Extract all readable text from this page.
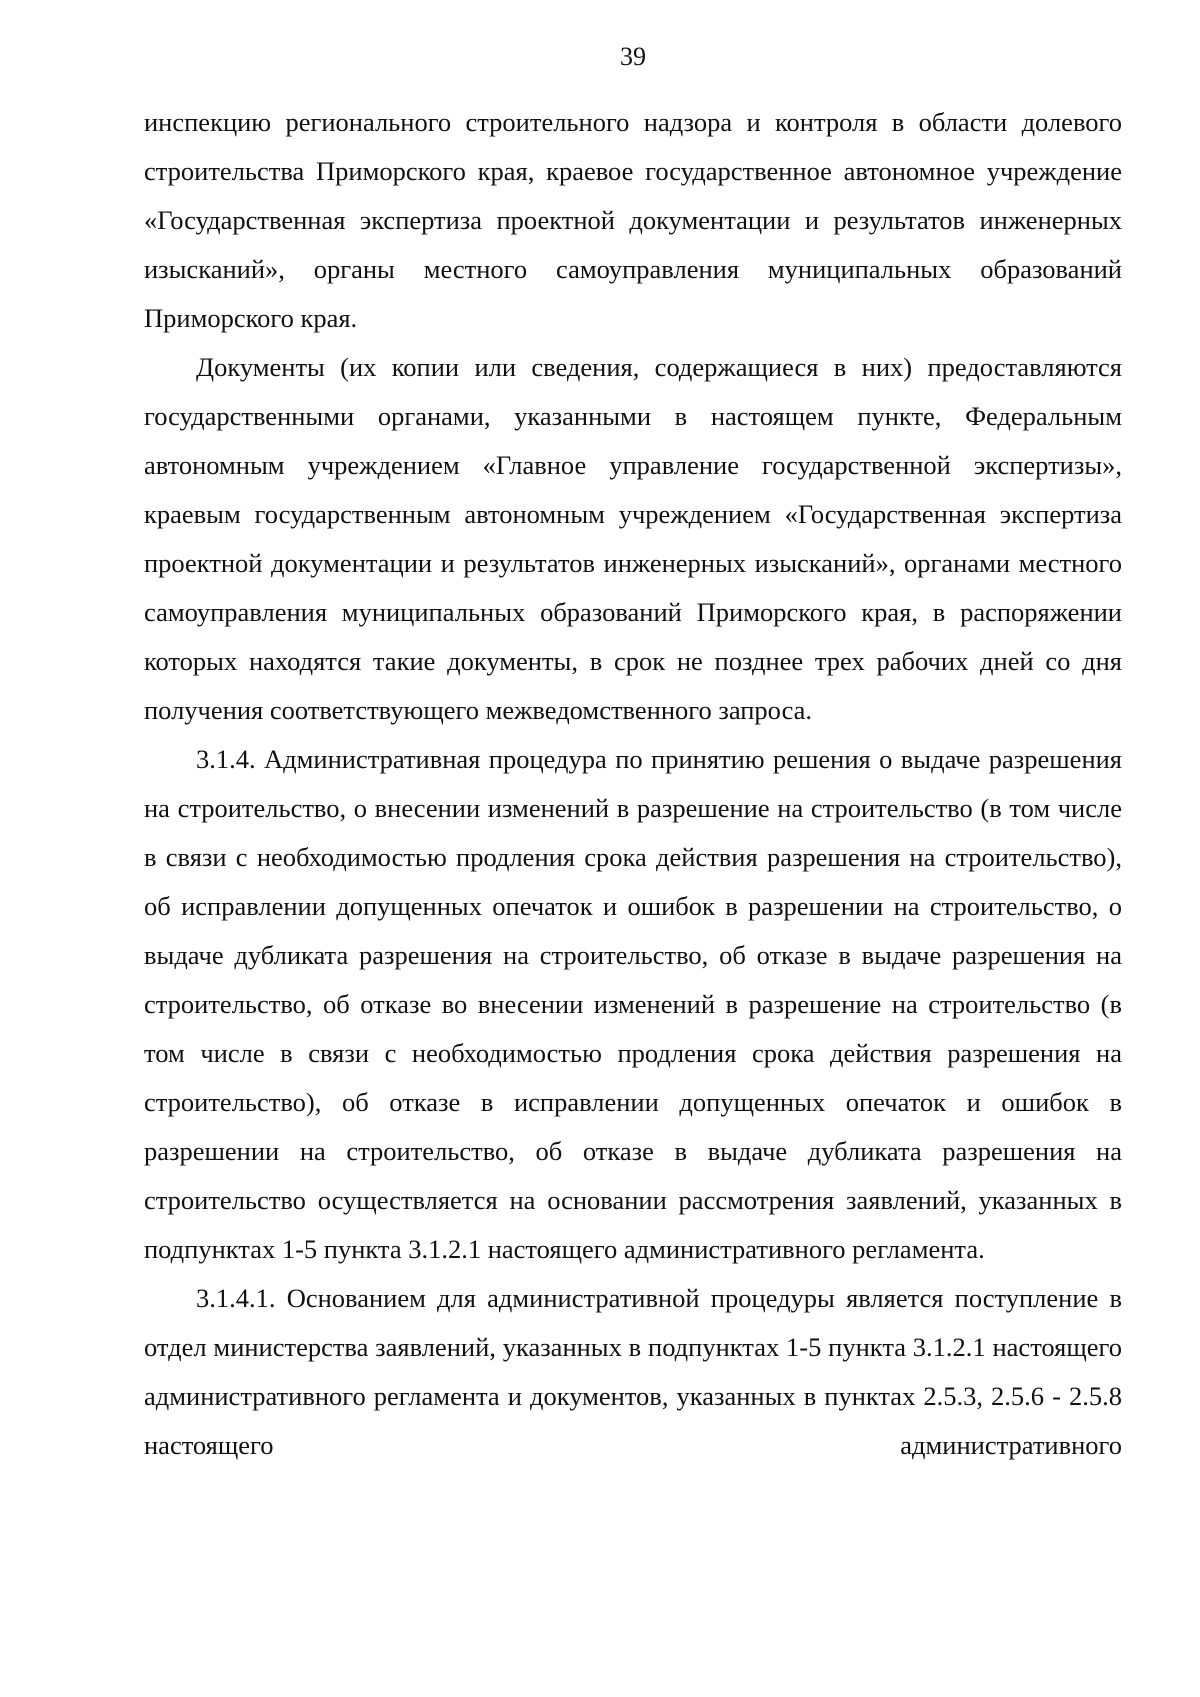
39

инспекцию регионального строительного надзора и контроля в области долевого строительства Приморского края, краевое государственное автономное учреждение «Государственная экспертиза проектной документации и результатов инженерных изысканий», органы местного самоуправления муниципальных образований Приморского края.

Документы (их копии или сведения, содержащиеся в них) предоставляются государственными органами, указанными в настоящем пункте, Федеральным автономным учреждением «Главное управление государственной экспертизы», краевым государственным автономным учреждением «Государственная экспертиза проектной документации и результатов инженерных изысканий», органами местного самоуправления муниципальных образований Приморского края, в распоряжении которых находятся такие документы, в срок не позднее трех рабочих дней со дня получения соответствующего межведомственного запроса.

3.1.4. Административная процедура по принятию решения о выдаче разрешения на строительство, о внесении изменений в разрешение на строительство (в том числе в связи с необходимостью продления срока действия разрешения на строительство), об исправлении допущенных опечаток и ошибок в разрешении на строительство, о выдаче дубликата разрешения на строительство, об отказе в выдаче разрешения на строительство, об отказе во внесении изменений в разрешение на строительство (в том числе в связи с необходимостью продления срока действия разрешения на строительство), об отказе в исправлении допущенных опечаток и ошибок в разрешении на строительство, об отказе в выдаче дубликата разрешения на строительство осуществляется на основании рассмотрения заявлений, указанных в подпунктах 1-5 пункта 3.1.2.1 настоящего административного регламента.

3.1.4.1. Основанием для административной процедуры является поступление в отдел министерства заявлений, указанных в подпунктах 1-5 пункта 3.1.2.1 настоящего административного регламента и документов, указанных в пунктах 2.5.3, 2.5.6 - 2.5.8 настоящего административного
